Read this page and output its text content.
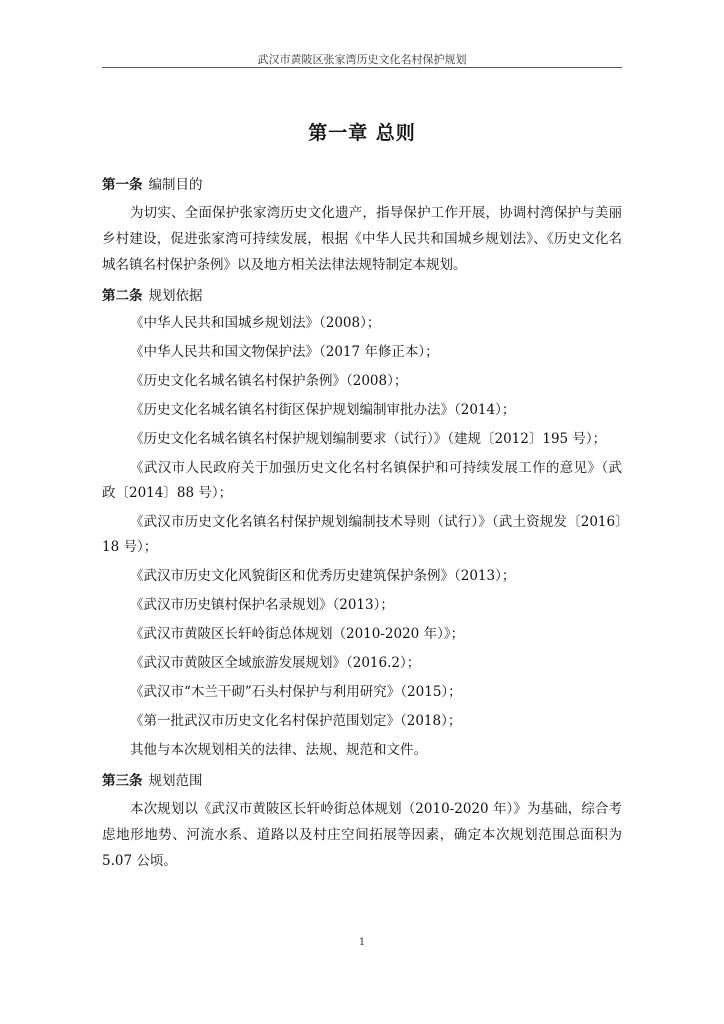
武汉市黄陂区张家湾历史文化名村保护规划
第一章 总则
第一条 编制目的

为切实、全面保护张家湾历史文化遗产，指导保护工作开展，协调村湾保护与美丽乡村建设，促进张家湾可持续发展，根据《中华人民共和国城乡规划法》、《历史文化名城名镇名村保护条例》以及地方相关法律法规特制定本规划。

第二条 规划依据
《中华人民共和国城乡规划法》（2008）；
《中华人民共和国文物保护法》（2017 年修正本）；
《历史文化名城名镇名村保护条例》（2008）；
《历史文化名城名镇名村街区保护规划编制审批办法》（2014）；
《历史文化名城名镇名村保护规划编制要求（试行）》（建规〔2012〕195 号）；
《武汉市人民政府关于加强历史文化名村名镇保护和可持续发展工作的意见》（武政〔2014〕88 号）；
《武汉市历史文化名镇名村保护规划编制技术导则（试行）》（武土资规发〔2016〕18 号）；
《武汉市历史文化风貌街区和优秀历史建筑保护条例》（2013）；
《武汉市历史镇村保护名录规划》（2013）；
《武汉市黄陂区长轩岭街总体规划（2010-2020 年）》；
《武汉市黄陂区全域旅游发展规划》（2016.2）；
《武汉市“木兰干砌”石头村保护与利用研究》（2015）；
《第一批武汉市历史文化名村保护范围划定》（2018）；
其他与本次规划相关的法律、法规、规范和文件。
第三条 规划范围

本次规划以《武汉市黄陂区长轩岭街总体规划（2010-2020 年）》为基础，综合考虑地形地势、河流水系、道路以及村庄空间拓展等因素，确定本次规划范围总面积为 5.07 公顷。

1
